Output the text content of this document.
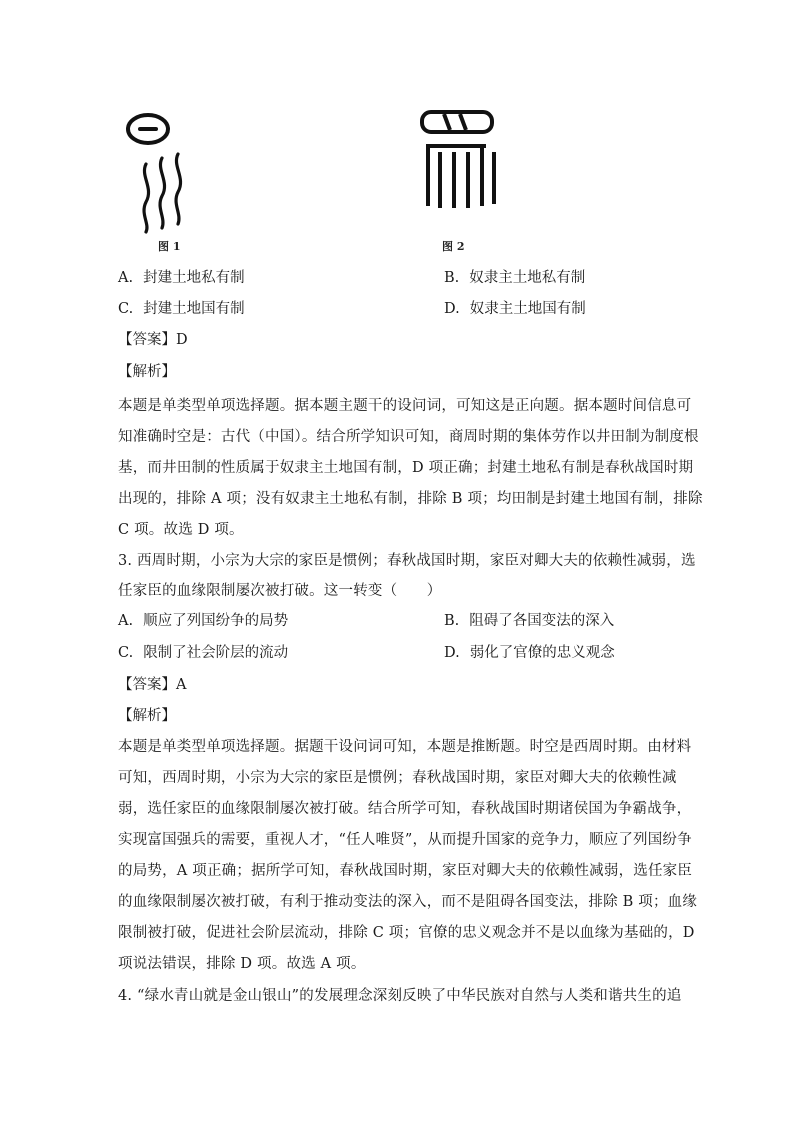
图 1	图 2
A. 封建土地私有制	B. 奴隶主土地私有制
C. 封建土地国有制	D. 奴隶主土地国有制
【答案】D
【解析】
本题是单类型单项选择题。据本题主题干的设问词，可知这是正向题。据本题时间信息可
知准确时空是：古代（中国）。结合所学知识可知，商周时期的集体劳作以井田制为制度根
基，而井田制的性质属于奴隶主土地国有制，D 项正确；封建土地私有制是春秋战国时期
出现的，排除 A 项；没有奴隶主土地私有制，排除 B 项；均田制是封建土地国有制，排除
C 项。故选 D 项。
3. 西周时期，小宗为大宗的家臣是惯例；春秋战国时期，家臣对卿大夫的依赖性减弱，选
任家臣的血缘限制屡次被打破。这一转变（　　）
A. 顺应了列国纷争的局势	B. 阻碍了各国变法的深入
C. 限制了社会阶层的流动	D. 弱化了官僚的忠义观念
【答案】A
【解析】
本题是单类型单项选择题。据题干设问词可知，本题是推断题。时空是西周时期。由材料
可知，西周时期，小宗为大宗的家臣是惯例；春秋战国时期，家臣对卿大夫的依赖性减
弱，选任家臣的血缘限制屡次被打破。结合所学可知，春秋战国时期诸侯国为争霸战争，
实现富国强兵的需要，重视人才，“任人唯贤”，从而提升国家的竞争力，顺应了列国纷争
的局势，A 项正确；据所学可知，春秋战国时期，家臣对卿大夫的依赖性减弱，选任家臣
的血缘限制屡次被打破，有利于推动变法的深入，而不是阻碍各国变法，排除 B 项；血缘
限制被打破，促进社会阶层流动，排除 C 项；官僚的忠义观念并不是以血缘为基础的，D
项说法错误，排除 D 项。故选 A 项。
4. “绿水青山就是金山银山”的发展理念深刻反映了中华民族对自然与人类和谐共生的追
